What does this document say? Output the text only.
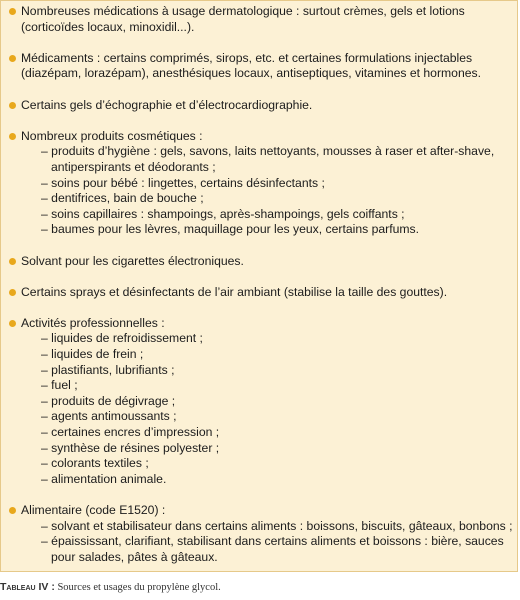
Nombreuses médications à usage dermatologique : surtout crèmes, gels et lotions (corticoïdes locaux, minoxidil...).
Médicaments : certains comprimés, sirops, etc. et certaines formulations injectables (diazépam, lorazépam), anesthésiques locaux, antiseptiques, vitamines et hormones.
Certains gels d’échographie et d’électrocardiographie.
Nombreux produits cosmétiques :
– produits d’hygiène : gels, savons, laits nettoyants, mousses à raser et after-shave, antiperspirants et déodorants ;
– soins pour bébé : lingettes, certains désinfectants ;
– dentifrices, bain de bouche ;
– soins capillaires : shampoings, après-shampoings, gels coiffants ;
– baumes pour les lèvres, maquillage pour les yeux, certains parfums.
Solvant pour les cigarettes électroniques.
Certains sprays et désinfectants de l’air ambiant (stabilise la taille des gouttes).
Activités professionnelles :
– liquides de refroidissement ;
– liquides de frein ;
– plastifiants, lubrifiants ;
– fuel ;
– produits de dégivrage ;
– agents antimoussants ;
– certaines encres d’impression ;
– synthèse de résines polyester ;
– colorants textiles ;
– alimentation animale.
Alimentaire (code E1520) :
– solvant et stabilisateur dans certains aliments : boissons, biscuits, gâteaux, bonbons ;
– épaississant, clarifiant, stabilisant dans certains aliments et boissons : bière, sauces pour salades, pâtes à gâteaux.
Tableau IV : Sources et usages du propylène glycol.
